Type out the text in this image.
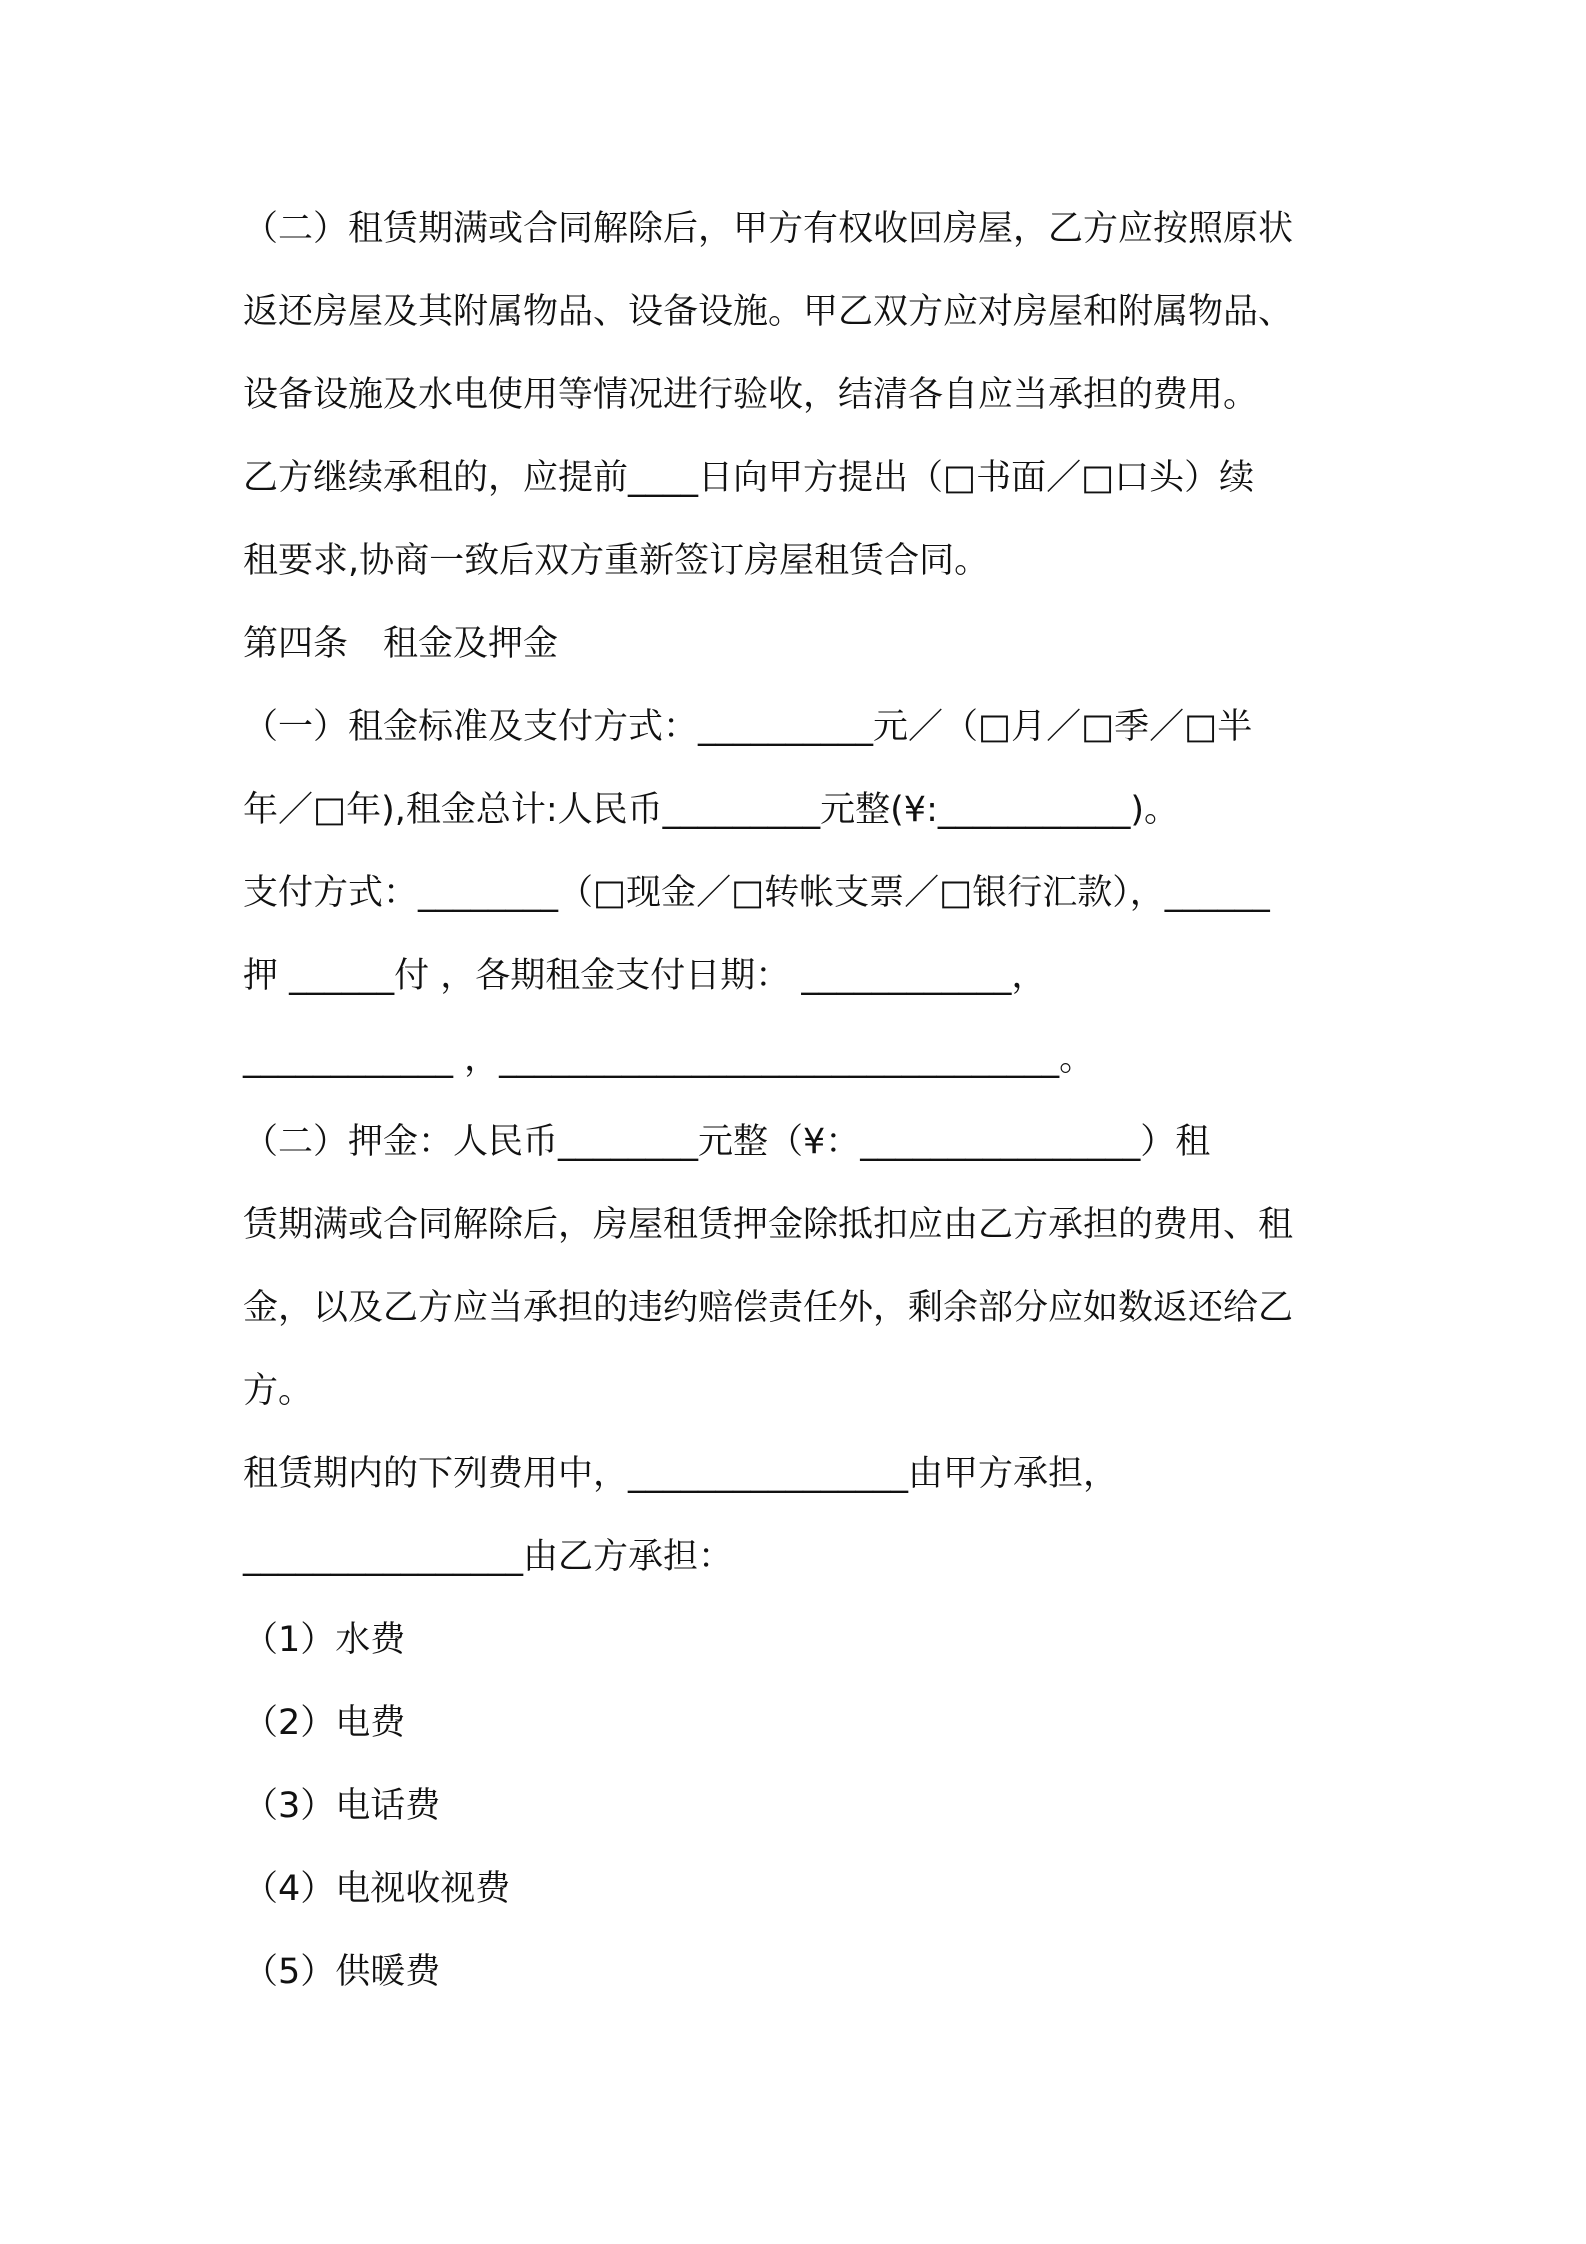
（二）租赁期满或合同解除后，甲方有权收回房屋，乙方应按照原状
返还房屋及其附属物品、设备设施。甲乙双方应对房屋和附属物品、
设备设施及水电使用等情况进行验收，结清各自应当承担的费用。
乙方继续承租的，应提前____日向甲方提出（□书面／□口头）续
租要求,协商一致后双方重新签订房屋租赁合同。
第四条　租金及押金
（一）租金标准及支付方式：__________元／（□月／□季／□半
年／□年),租金总计:人民币_________元整(¥:___________)。
支付方式：________（□现金／□转帐支票／□银行汇款），______
押 ______付 ，各期租金支付日期： ____________，
____________ ，________________________________。
（二）押金：人民币________元整（¥：________________）租
赁期满或合同解除后，房屋租赁押金除抵扣应由乙方承担的费用、租
金，以及乙方应当承担的违约赔偿责任外，剩余部分应如数返还给乙
方。
租赁期内的下列费用中，________________由甲方承担，
________________由乙方承担：
（1）水费
（2）电费
（3）电话费
（4）电视收视费
（5）供暖费
